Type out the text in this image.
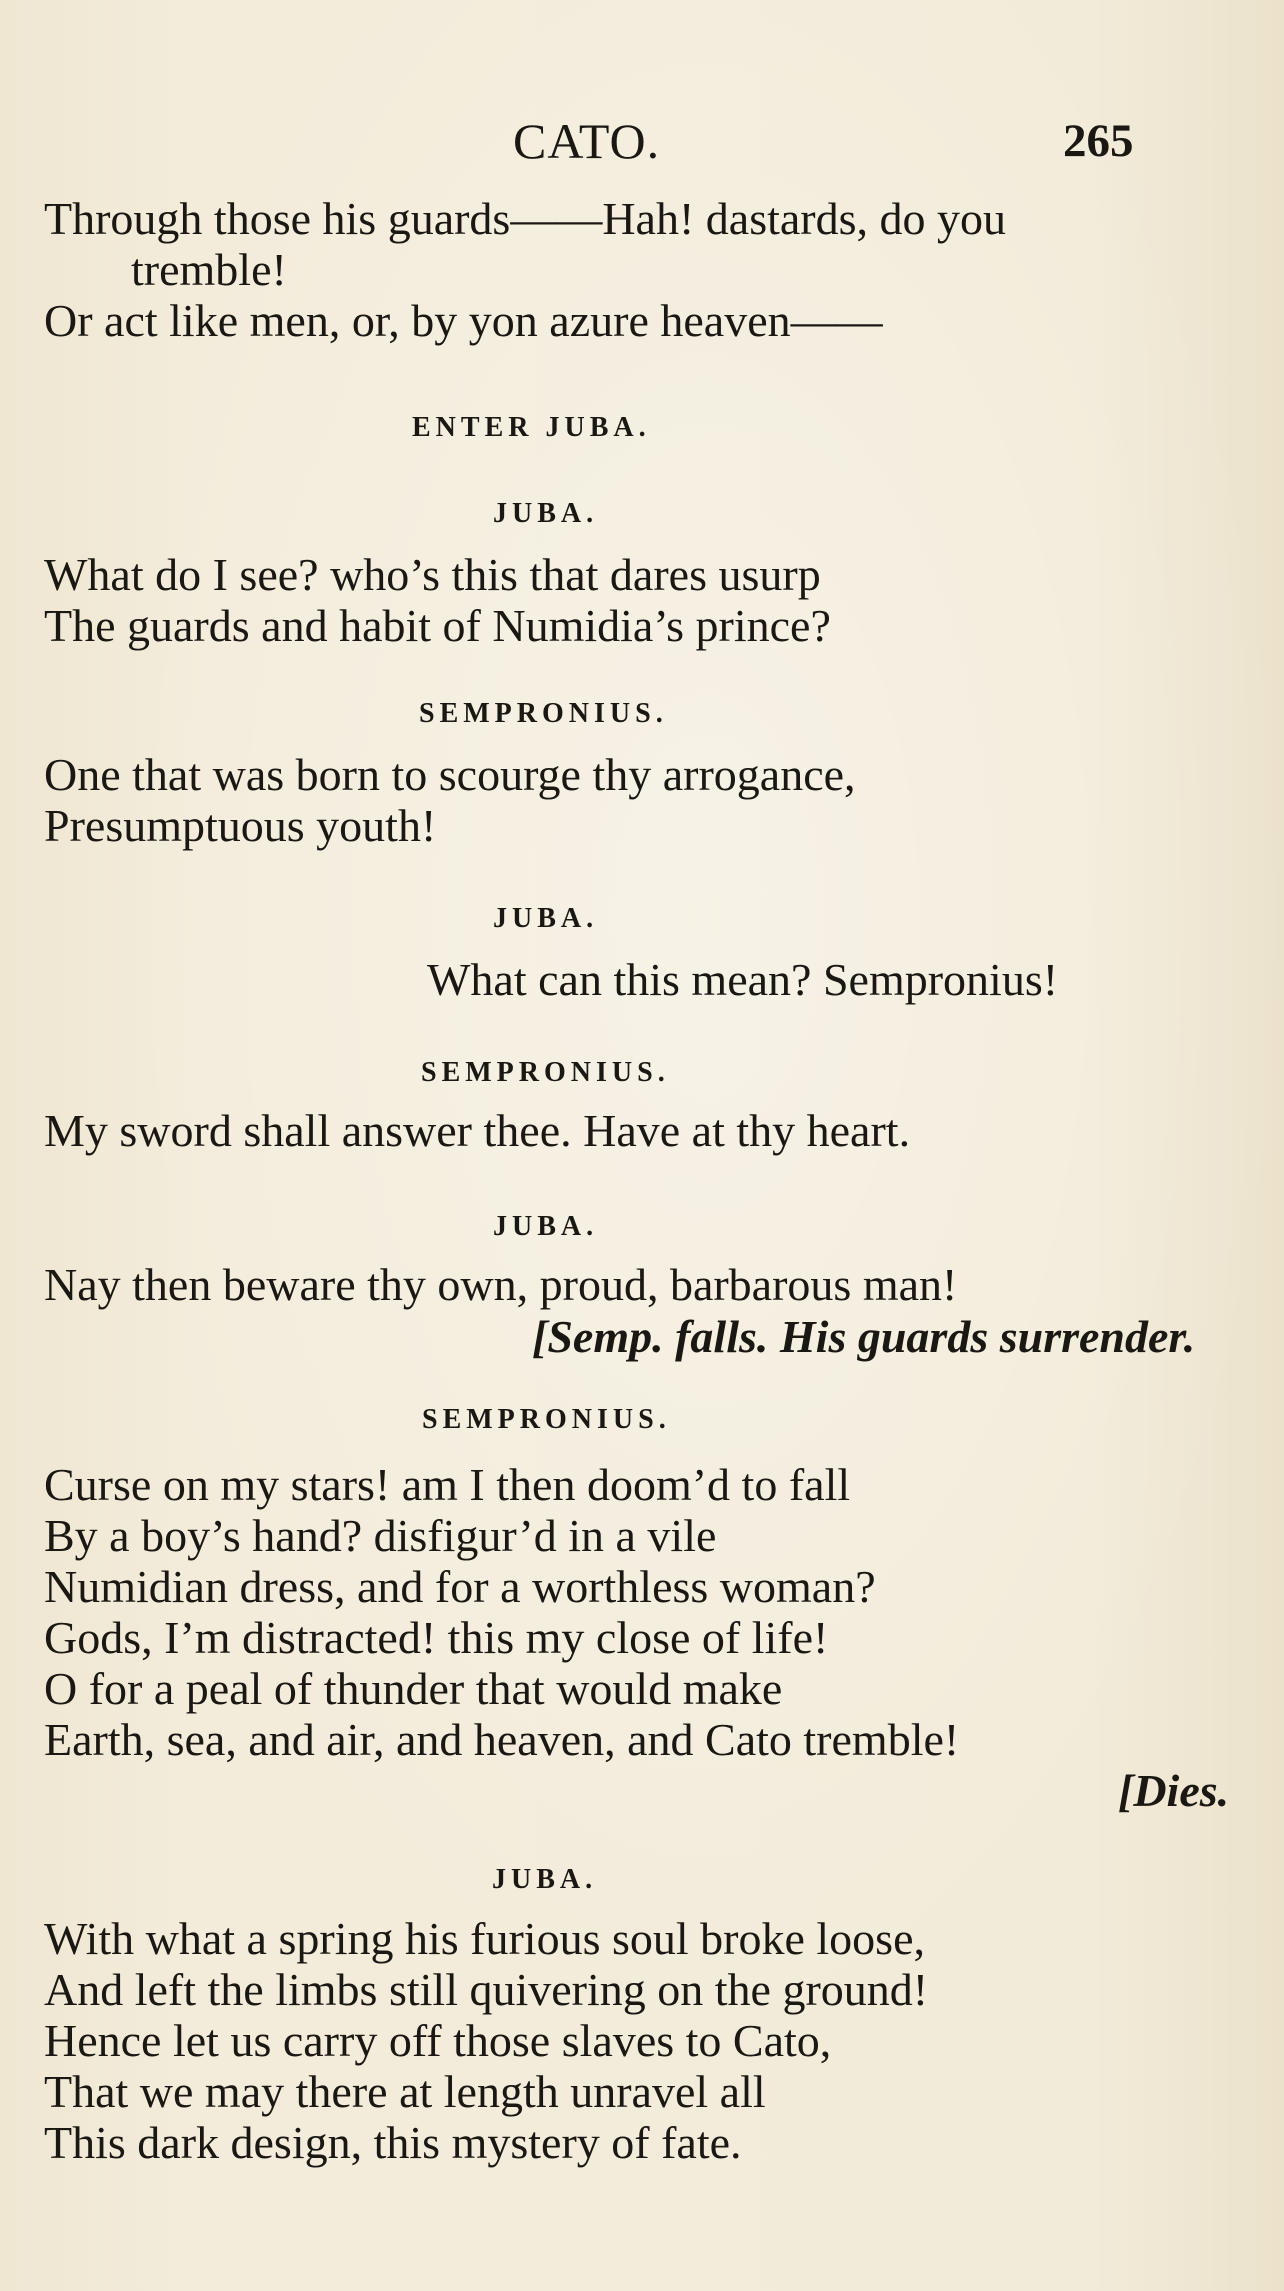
CATO.	265
Through those his guards——Hah! dastards, do you
tremble!
Or act like men, or, by yon azure heaven——
ENTER JUBA.
JUBA.
What do I see? who’s this that dares usurp
The guards and habit of Numidia’s prince?
SEMPRONIUS.
One that was born to scourge thy arrogance,
Presumptuous youth!
JUBA.
What can this mean? Sempronius!
SEMPRONIUS.
My sword shall answer thee. Have at thy heart.
JUBA.
Nay then beware thy own, proud, barbarous man!
[Semp. falls. His guards surrender.
SEMPRONIUS.
Curse on my stars! am I then doom’d to fall
By a boy’s hand? disfigur’d in a vile
Numidian dress, and for a worthless woman?
Gods, I’m distracted! this my close of life!
O for a peal of thunder that would make
Earth, sea, and air, and heaven, and Cato tremble!
[Dies.
JUBA.
With what a spring his furious soul broke loose,
And left the limbs still quivering on the ground!
Hence let us carry off those slaves to Cato,
That we may there at length unravel all
This dark design, this mystery of fate.
